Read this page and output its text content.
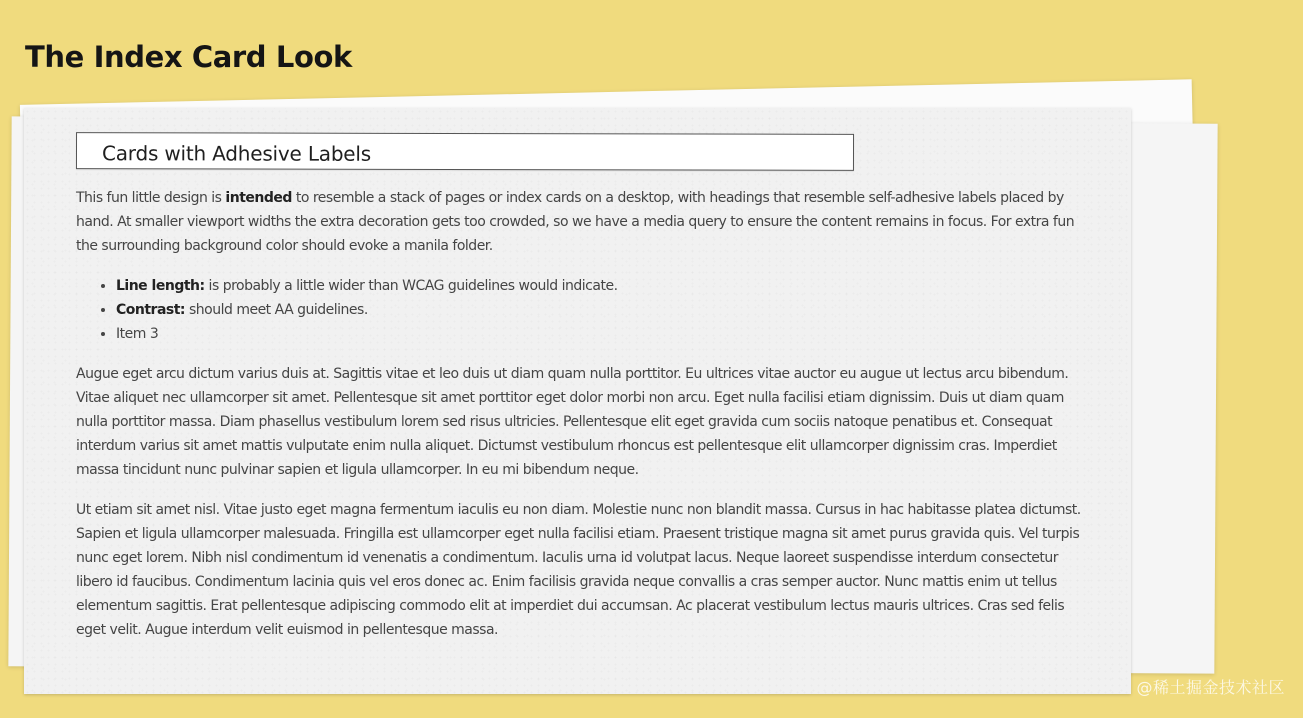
The Index Card Look
Cards with Adhesive Labels

This fun little design is intended to resemble a stack of pages or index cards on a desktop, with headings that resemble self-adhesive labels placed by hand. At smaller viewport widths the extra decoration gets too crowded, so we have a media query to ensure the content remains in focus. For extra fun the surrounding background color should evoke a manila folder.

• Line length: is probably a little wider than WCAG guidelines would indicate.
• Contrast: should meet AA guidelines.
• Item 3

Augue eget arcu dictum varius duis at. Sagittis vitae et leo duis ut diam quam nulla porttitor. Eu ultrices vitae auctor eu augue ut lectus arcu bibendum. Vitae aliquet nec ullamcorper sit amet. Pellentesque sit amet porttitor eget dolor morbi non arcu. Eget nulla facilisi etiam dignissim. Duis ut diam quam nulla porttitor massa. Diam phasellus vestibulum lorem sed risus ultricies. Pellentesque elit eget gravida cum sociis natoque penatibus et. Consequat interdum varius sit amet mattis vulputate enim nulla aliquet. Dictumst vestibulum rhoncus est pellentesque elit ullamcorper dignissim cras. Imperdiet massa tincidunt nunc pulvinar sapien et ligula ullamcorper. In eu mi bibendum neque.

Ut etiam sit amet nisl. Vitae justo eget magna fermentum iaculis eu non diam. Molestie nunc non blandit massa. Cursus in hac habitasse platea dictumst. Sapien et ligula ullamcorper malesuada. Fringilla est ullamcorper eget nulla facilisi etiam. Praesent tristique magna sit amet purus gravida quis. Vel turpis nunc eget lorem. Nibh nisl condimentum id venenatis a condimentum. Iaculis urna id volutpat lacus. Neque laoreet suspendisse interdum consectetur libero id faucibus. Condimentum lacinia quis vel eros donec ac. Enim facilisis gravida neque convallis a cras semper auctor. Nunc mattis enim ut tellus elementum sagittis. Erat pellentesque adipiscing commodo elit at imperdiet dui accumsan. Ac placerat vestibulum lectus mauris ultrices. Cras sed felis eget velit. Augue interdum velit euismod in pellentesque massa.

@稀土掘金技术社区
